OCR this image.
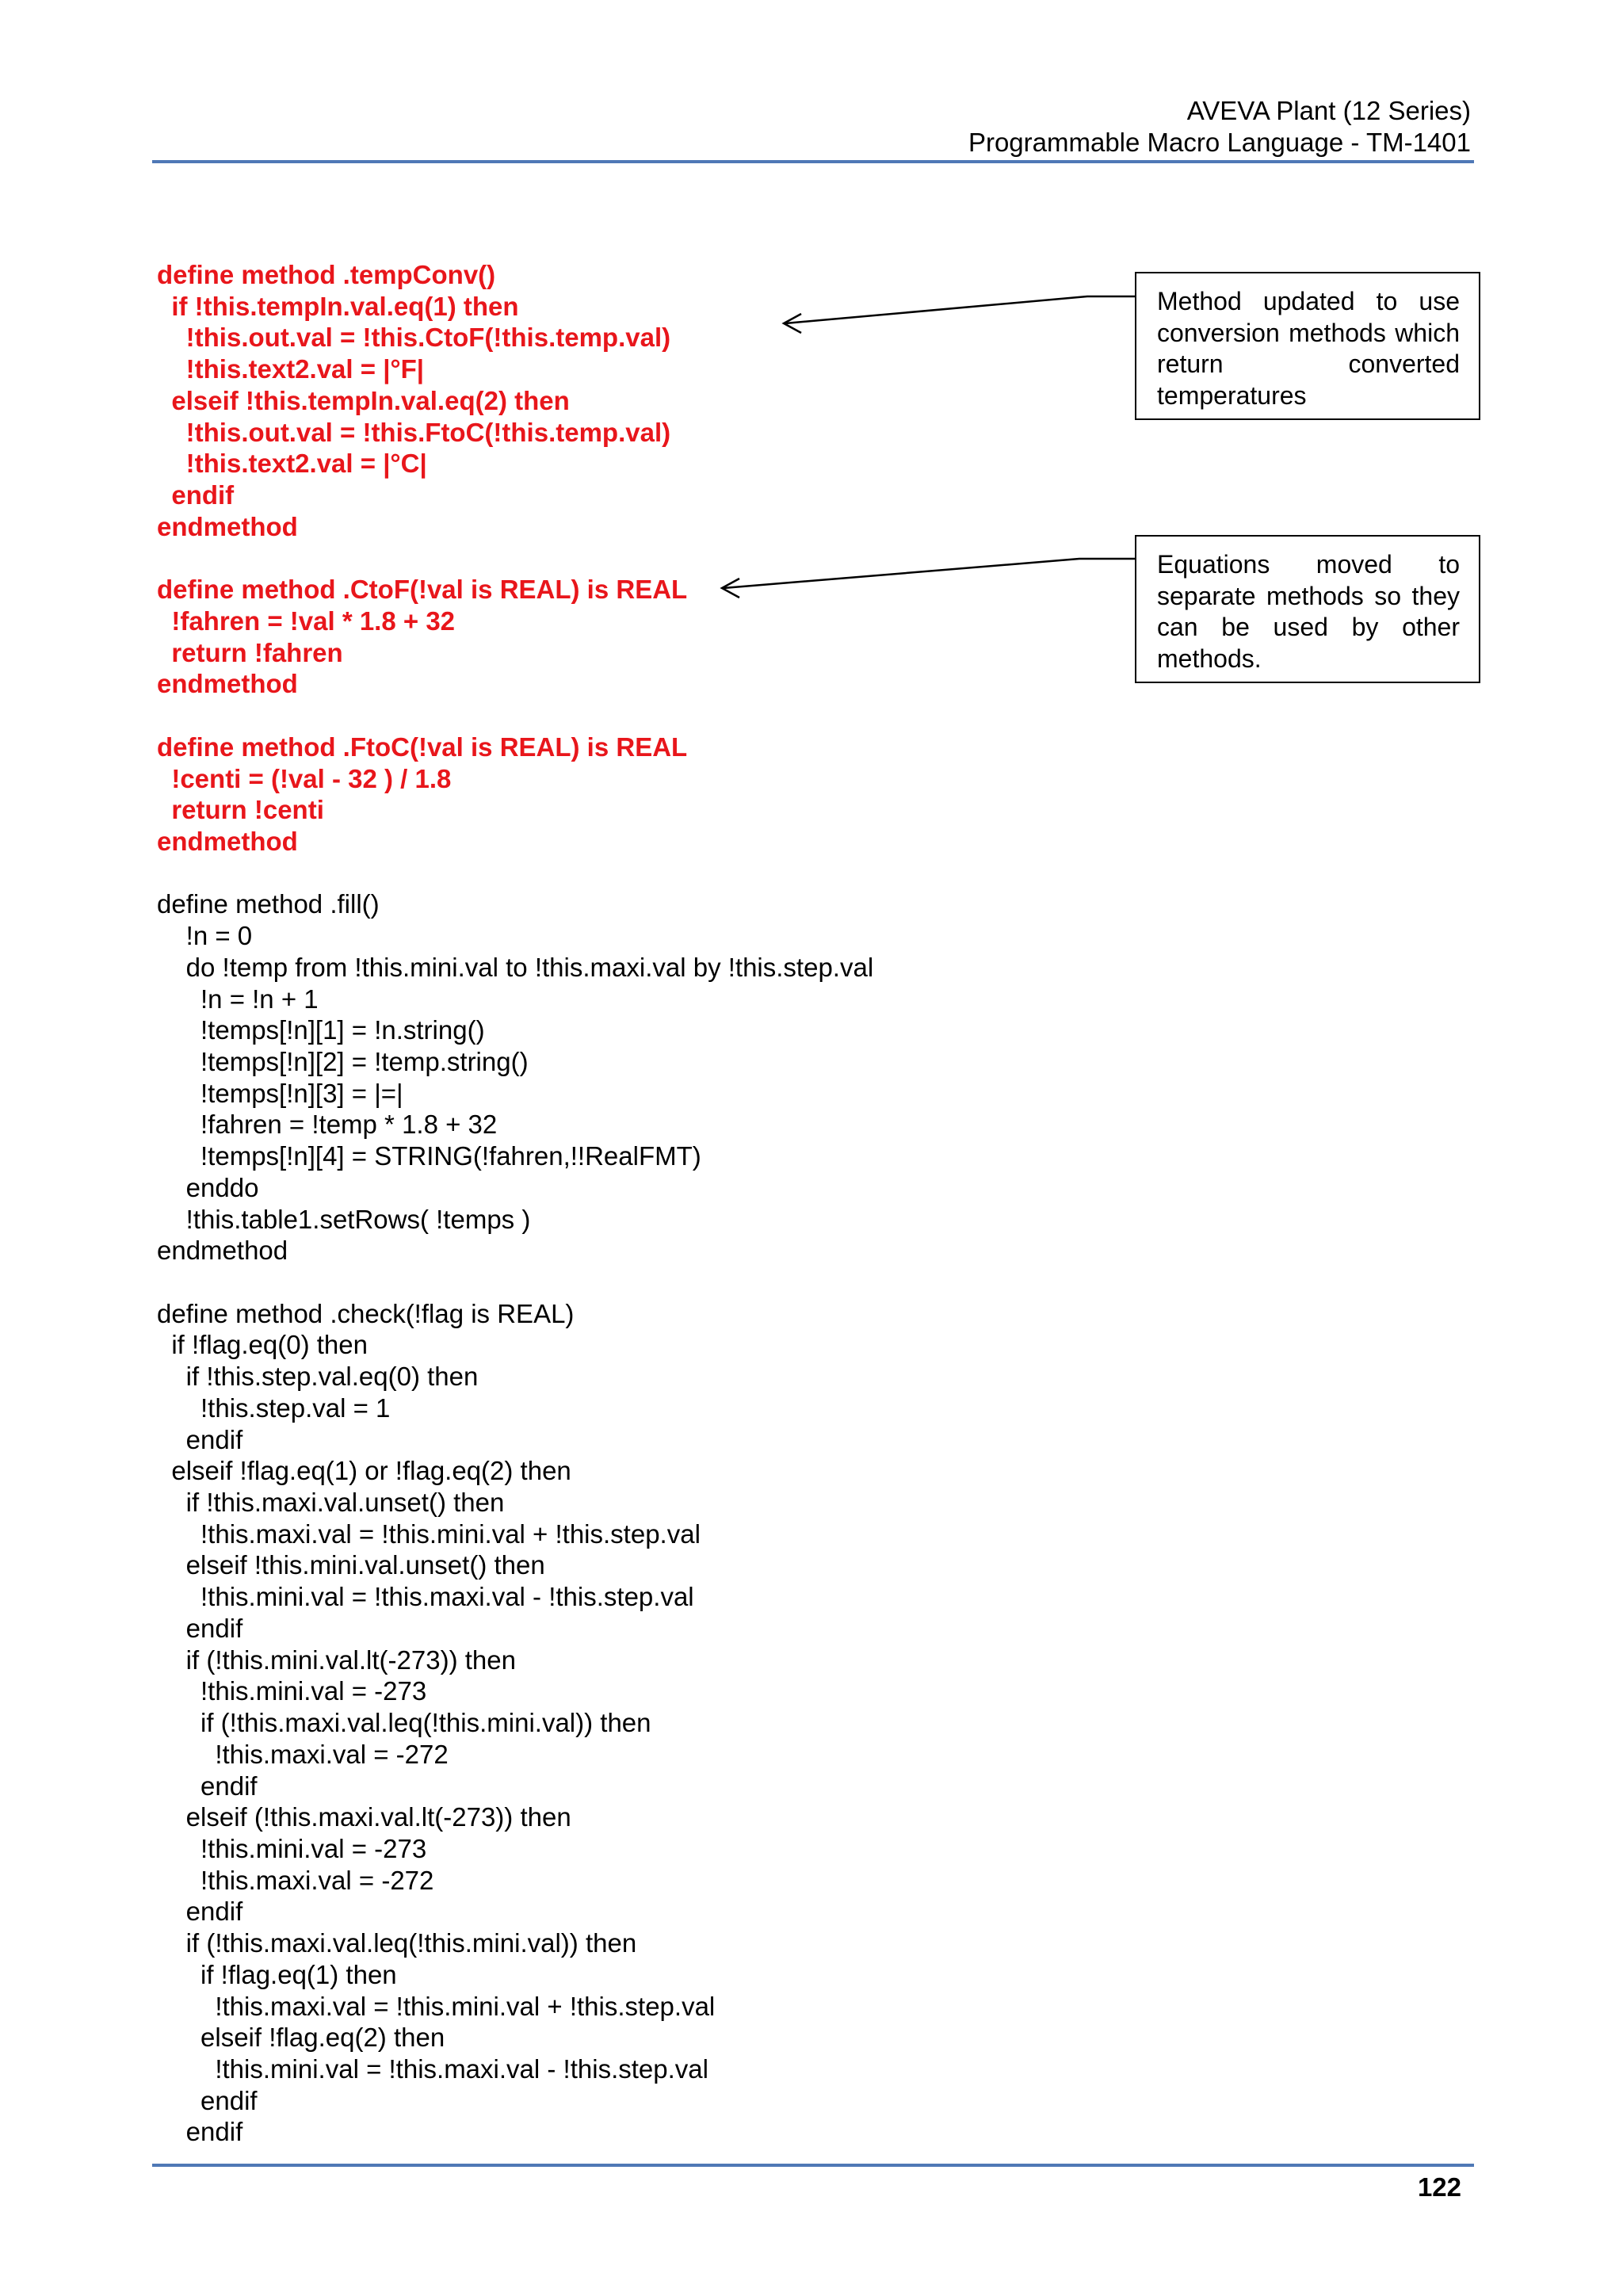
AVEVA Plant (12 Series)
Programmable Macro Language - TM-1401
define method .tempConv()
if !this.tempIn.val.eq(1) then
!this.out.val = !this.CtoF(!this.temp.val)
!this.text2.val = |°F|
elseif !this.tempIn.val.eq(2) then
!this.out.val = !this.FtoC(!this.temp.val)
!this.text2.val = |°C|
endif
endmethod
define method .CtoF(!val is REAL) is REAL
!fahren = !val * 1.8 + 32
return !fahren
endmethod
define method .FtoC(!val is REAL) is REAL
!centi = (!val - 32 ) / 1.8
return !centi
endmethod
define method .fill()
!n = 0
do !temp from !this.mini.val to !this.maxi.val by !this.step.val
!n = !n + 1
!temps[!n][1] = !n.string()
!temps[!n][2] = !temp.string()
!temps[!n][3] = |=|
!fahren = !temp * 1.8 + 32
!temps[!n][4] = STRING(!fahren,!!RealFMT)
enddo
!this.table1.setRows( !temps )
endmethod
define method .check(!flag is REAL)
if !flag.eq(0) then
if !this.step.val.eq(0) then
!this.step.val = 1
endif
elseif !flag.eq(1) or !flag.eq(2) then
if !this.maxi.val.unset() then
!this.maxi.val = !this.mini.val + !this.step.val
elseif !this.mini.val.unset() then
!this.mini.val = !this.maxi.val - !this.step.val
endif
if (!this.mini.val.lt(-273)) then
!this.mini.val = -273
if (!this.maxi.val.leq(!this.mini.val)) then
!this.maxi.val = -272
endif
elseif (!this.maxi.val.lt(-273)) then
!this.mini.val = -273
!this.maxi.val = -272
endif
if (!this.maxi.val.leq(!this.mini.val)) then
if !flag.eq(1) then
!this.maxi.val = !this.mini.val + !this.step.val
elseif !flag.eq(2) then
!this.mini.val = !this.maxi.val - !this.step.val
endif
endif
Method updated to use conversion methods which return converted temperatures
Equations moved to separate methods so they can be used by other methods.
122
